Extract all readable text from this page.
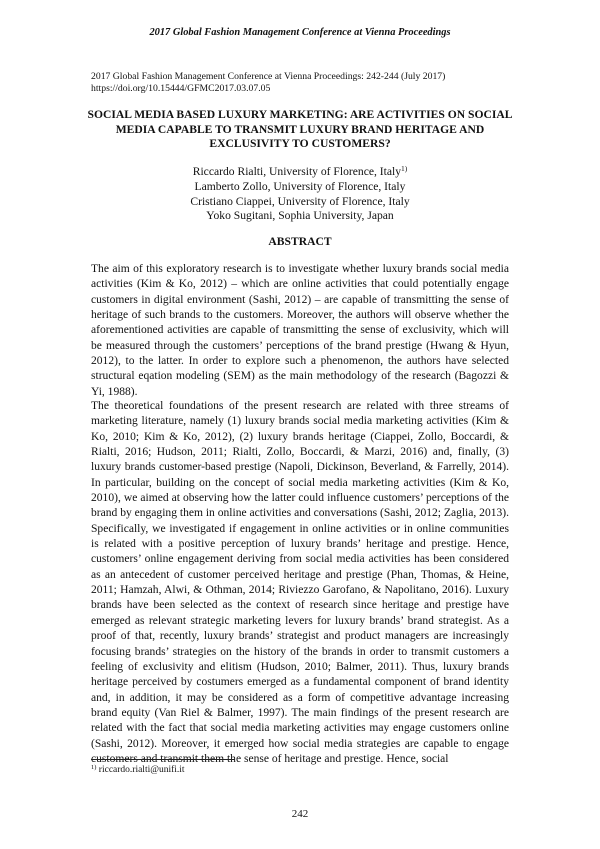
2017 Global Fashion Management Conference at Vienna Proceedings
2017 Global Fashion Management Conference at Vienna Proceedings: 242-244 (July 2017)
https://doi.org/10.15444/GFMC2017.03.07.05
SOCIAL MEDIA BASED LUXURY MARKETING: ARE ACTIVITIES ON SOCIAL MEDIA CAPABLE TO TRANSMIT LUXURY BRAND HERITAGE AND EXCLUSIVITY TO CUSTOMERS?
Riccardo Rialti, University of Florence, Italy$^{1)}$
Lamberto Zollo, University of Florence, Italy
Cristiano Ciappei, University of Florence, Italy
Yoko Sugitani, Sophia University, Japan
ABSTRACT

The aim of this exploratory research is to investigate whether luxury brands social media activities (Kim & Ko, 2012) – which are online activities that could potentially engage customers in digital environment (Sashi, 2012) – are capable of transmitting the sense of heritage of such brands to the customers. Moreover, the authors will observe whether the aforementioned activities are capable of transmitting the sense of exclusivity, which will be measured through the customers’ perceptions of the brand prestige (Hwang & Hyun, 2012), to the latter. In order to explore such a phenomenon, the authors have selected structural eqation modeling (SEM) as the main methodology of the research (Bagozzi & Yi, 1988).

The theoretical foundations of the present research are related with three streams of marketing literature, namely (1) luxury brands social media marketing activities (Kim & Ko, 2010; Kim & Ko, 2012), (2) luxury brands heritage (Ciappei, Zollo, Boccardi, & Rialti, 2016; Hudson, 2011; Rialti, Zollo, Boccardi, & Marzi, 2016) and, finally, (3) luxury brands customer-based prestige (Napoli, Dickinson, Beverland, & Farrelly, 2014). In particular, building on the concept of social media marketing activities (Kim & Ko, 2010), we aimed at observing how the latter could influence customers’ perceptions of the brand by engaging them in online activities and conversations (Sashi, 2012; Zaglia, 2013). Specifically, we investigated if engagement in online activities or in online communities is related with a positive perception of luxury brands’ heritage and prestige. Hence, customers’ online engagement deriving from social media activities has been considered as an antecedent of customer perceived heritage and prestige (Phan, Thomas, & Heine, 2011; Hamzah, Alwi, & Othman, 2014; Riviezzo Garofano, & Napolitano, 2016). Luxury brands have been selected as the context of research since heritage and prestige have emerged as relevant strategic marketing levers for luxury brands’ brand strategist. As a proof of that, recently, luxury brands’ strategist and product managers are increasingly focusing brands’ strategies on the history of the brands in order to transmit customers a feeling of exclusivity and elitism (Hudson, 2010; Balmer, 2011). Thus, luxury brands heritage perceived by costumers emerged as a fundamental component of brand identity and, in addition, it may be considered as a form of competitive advantage increasing brand equity (Van Riel & Balmer, 1997). The main findings of the present research are related with the fact that social media marketing activities may engage customers online (Sashi, 2012). Moreover, it emerged how social media strategies are capable to engage customers and transmit them the sense of heritage and prestige. Hence, social

$^{1)}$ riccardo.rialti@unifi.it
242
